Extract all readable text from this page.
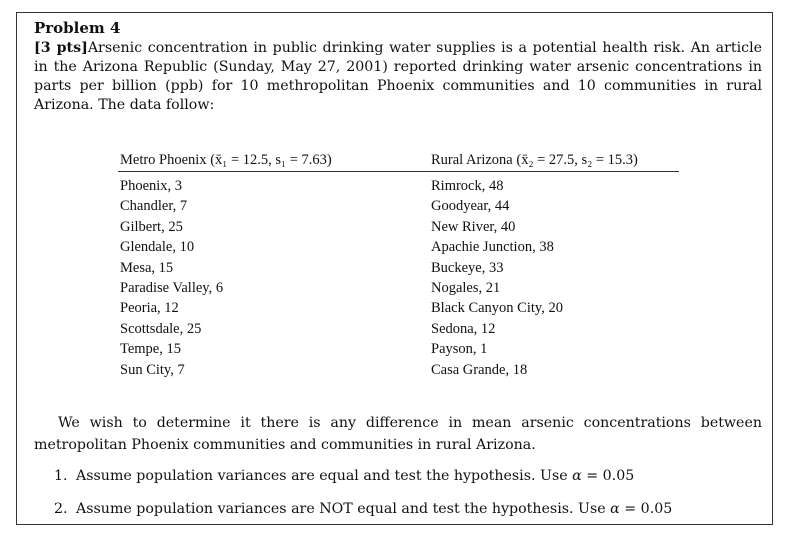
Problem 4
[3 pts]Arsenic concentration in public drinking water supplies is a potential health risk. An article in the Arizona Republic (Sunday, May 27, 2001) reported drinking water arsenic concentrations in parts per billion (ppb) for 10 methropolitan Phoenix communities and 10 communities in rural Arizona. The data follow:
Metro Phoenix (x̄₁ = 12.5, s₁ = 7.63)
Phoenix, 3
Chandler, 7
Gilbert, 25
Glendale, 10
Mesa, 15
Paradise Valley, 6
Peoria, 12
Scottsdale, 25
Tempe, 15
Sun City, 7
Rural Arizona (x̄₂ = 27.5, s₂ = 15.3)
Rimrock, 48
Goodyear, 44
New River, 40
Apachie Junction, 38
Buckeye, 33
Nogales, 21
Black Canyon City, 20
Sedona, 12
Payson, 1
Casa Grande, 18
We wish to determine it there is any difference in mean arsenic concentrations between metropolitan Phoenix communities and communities in rural Arizona.
1. Assume population variances are equal and test the hypothesis. Use α = 0.05
2. Assume population variances are NOT equal and test the hypothesis. Use α = 0.05
